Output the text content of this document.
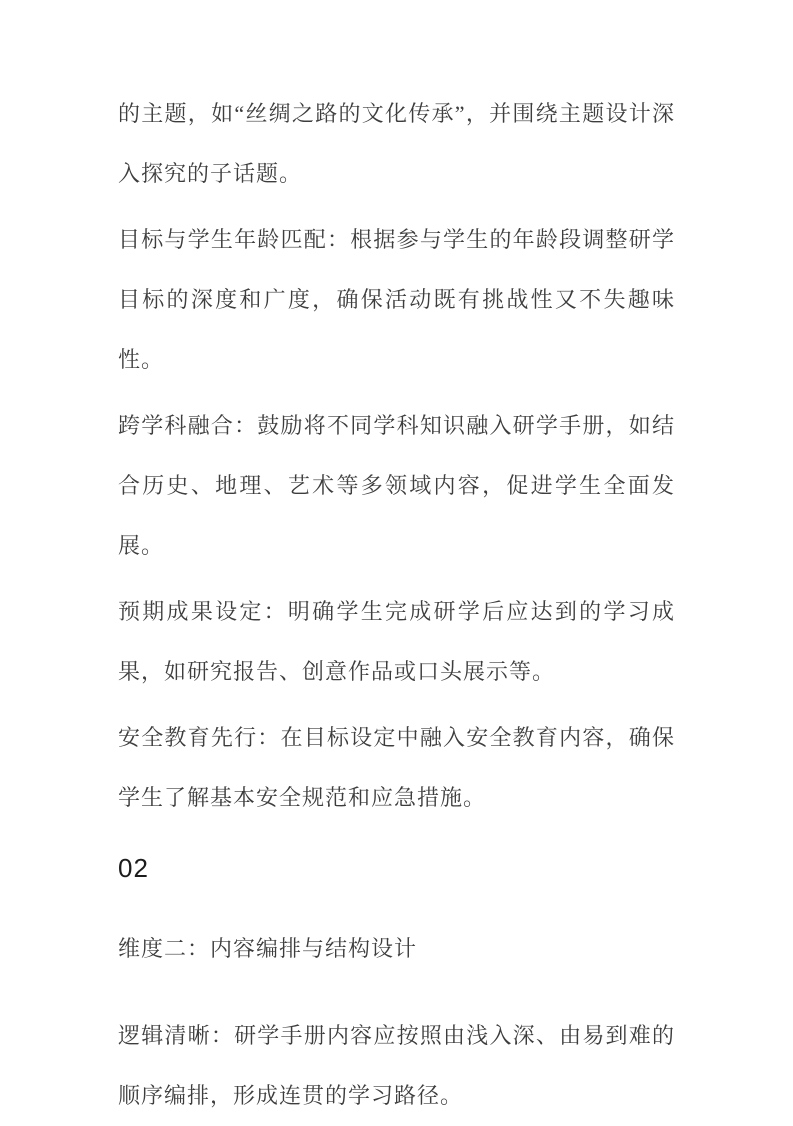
的主题，如“丝绸之路的文化传承”，并围绕主题设计深入探究的子话题。

目标与学生年龄匹配：根据参与学生的年龄段调整研学目标的深度和广度，确保活动既有挑战性又不失趣味性。

跨学科融合：鼓励将不同学科知识融入研学手册，如结合历史、地理、艺术等多领域内容，促进学生全面发展。

预期成果设定：明确学生完成研学后应达到的学习成果，如研究报告、创意作品或口头展示等。

安全教育先行：在目标设定中融入安全教育内容，确保学生了解基本安全规范和应急措施。

02
维度二：内容编排与结构设计

逻辑清晰：研学手册内容应按照由浅入深、由易到难的顺序编排，形成连贯的学习路径。
